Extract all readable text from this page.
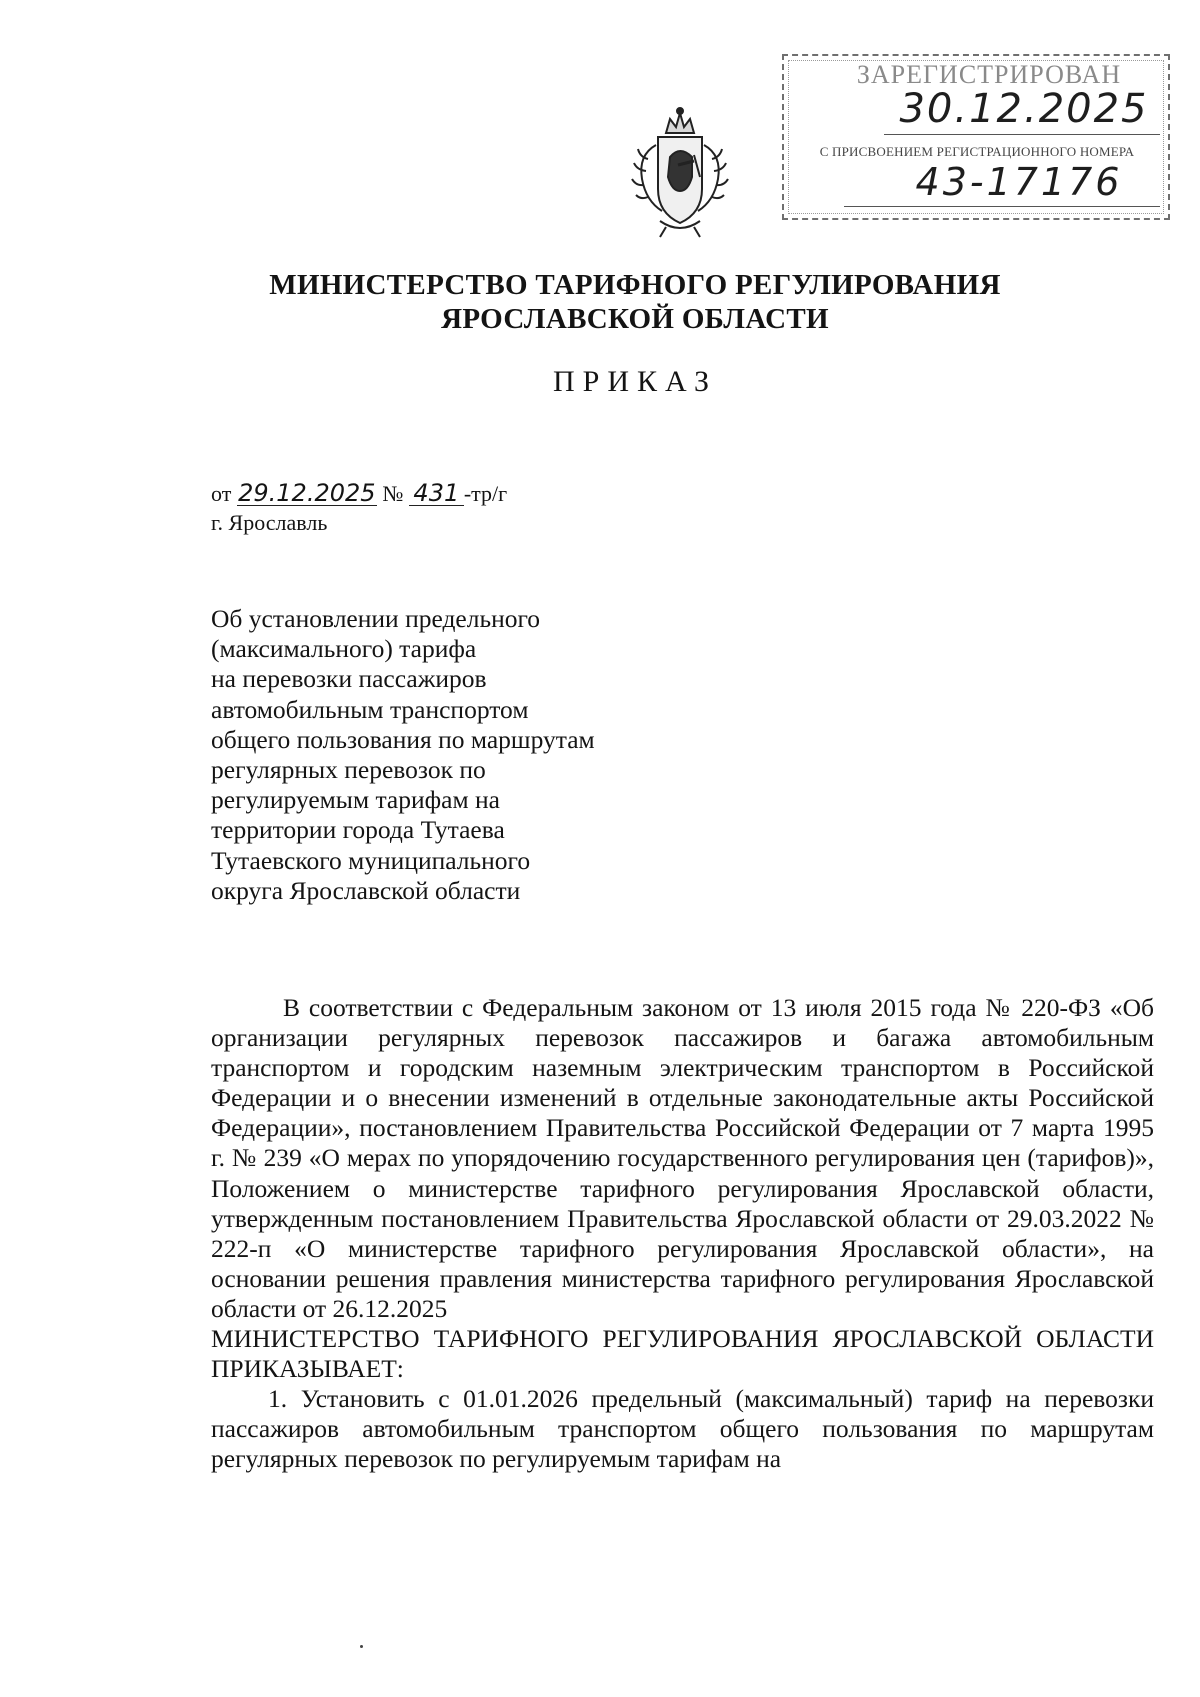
ЗАРЕГИСТРИРОВАН
30.12.2025
С ПРИСВОЕНИЕМ РЕГИСТРАЦИОННОГО НОМЕРА
43-17176
МИНИСТЕРСТВО ТАРИФНОГО РЕГУЛИРОВАНИЯ
ЯРОСЛАВСКОЙ ОБЛАСТИ
ПРИКАЗ
от 29.12.2025 № 431 -тр/г
г. Ярославль
Об установлении предельного
(максимального) тарифа
на перевозки пассажиров
автомобильным транспортом
общего пользования по маршрутам
регулярных перевозок по
регулируемым тарифам на
территории города Тутаева
Тутаевского муниципального
округа Ярославской области

В соответствии с Федеральным законом от 13 июля 2015 года № 220-ФЗ «Об организации регулярных перевозок пассажиров и багажа автомобильным транспортом и городским наземным электрическим транспортом в Российской Федерации и о внесении изменений в отдельные законодательные акты Российской Федерации», постановлением Правительства Российской Федерации от 7 марта 1995 г. № 239 «О мерах по упорядочению государственного регулирования цен (тарифов)», Положением о министерстве тарифного регулирования Ярославской области, утвержденным постановлением Правительства Ярославской области от 29.03.2022 № 222-п «О министерстве тарифного регулирования Ярославской области», на основании решения правления министерства тарифного регулирования Ярославской области от 26.12.2025

МИНИСТЕРСТВО ТАРИФНОГО РЕГУЛИРОВАНИЯ ЯРОСЛАВСКОЙ ОБЛАСТИ ПРИКАЗЫВАЕТ:

1. Установить с 01.01.2026 предельный (максимальный) тариф на перевозки пассажиров автомобильным транспортом общего пользования по маршрутам регулярных перевозок по регулируемым тарифам на
